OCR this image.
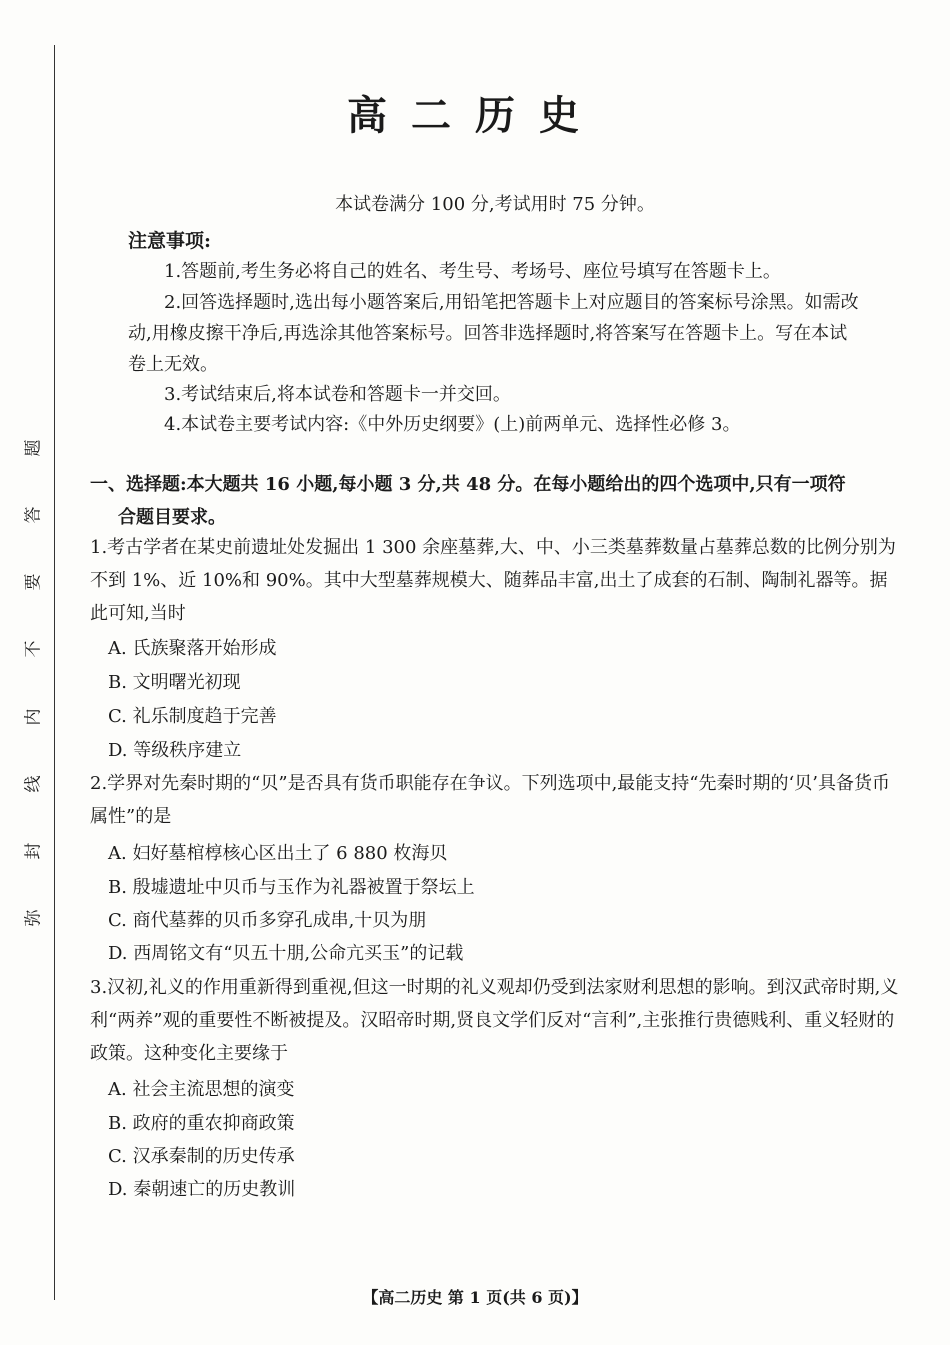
题
答
要
不
内
线
封
弥
高二历史
本试卷满分 100 分,考试用时 75 分钟。
注意事项:
1.答题前,考生务必将自己的姓名、考生号、考场号、座位号填写在答题卡上。
2.回答选择题时,选出每小题答案后,用铅笔把答题卡上对应题目的答案标号涂黑。如需改动,用橡皮擦干净后,再选涂其他答案标号。回答非选择题时,将答案写在答题卡上。写在本试卷上无效。
3.考试结束后,将本试卷和答题卡一并交回。
4.本试卷主要考试内容:《中外历史纲要》(上)前两单元、选择性必修 3。
一、选择题:本大题共 16 小题,每小题 3 分,共 48 分。在每小题给出的四个选项中,只有一项符
合题目要求。
1.考古学者在某史前遗址处发掘出 1 300 余座墓葬,大、中、小三类墓葬数量占墓葬总数的比例分别为不到 1%、近 10%和 90%。其中大型墓葬规模大、随葬品丰富,出土了成套的石制、陶制礼器等。据此可知,当时
A. 氏族聚落开始形成
B. 文明曙光初现
C. 礼乐制度趋于完善
D. 等级秩序建立
2.学界对先秦时期的“贝”是否具有货币职能存在争议。下列选项中,最能支持“先秦时期的‘贝’具备货币属性”的是
A. 妇好墓棺椁核心区出土了 6 880 枚海贝
B. 殷墟遗址中贝币与玉作为礼器被置于祭坛上
C. 商代墓葬的贝币多穿孔成串,十贝为朋
D. 西周铭文有“贝五十朋,公命亢买玉”的记载
3.汉初,礼义的作用重新得到重视,但这一时期的礼义观却仍受到法家财利思想的影响。到汉武帝时期,义利“两养”观的重要性不断被提及。汉昭帝时期,贤良文学们反对“言利”,主张推行贵德贱利、重义轻财的政策。这种变化主要缘于
A. 社会主流思想的演变
B. 政府的重农抑商政策
C. 汉承秦制的历史传承
D. 秦朝速亡的历史教训
【高二历史 第 1 页(共 6 页)】
